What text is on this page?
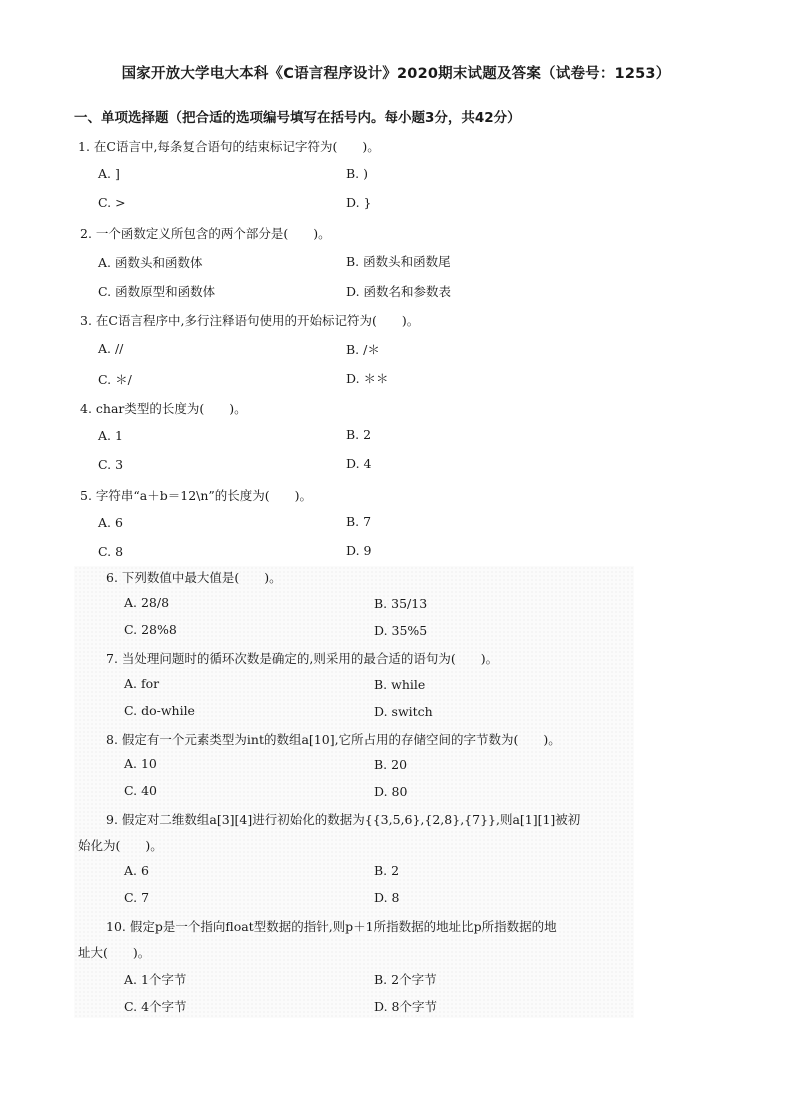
国家开放大学电大本科《C语言程序设计》2020期末试题及答案（试卷号：1253）
一、单项选择题（把合适的选项编号填写在括号内。每小题3分，共42分）
1. 在C语言中,每条复合语句的结束标记字符为(　　)。
A. ]	B. )
C. >	D. }
2. 一个函数定义所包含的两个部分是(　　)。
A. 函数头和函数体	B. 函数头和函数尾
C. 函数原型和函数体	D. 函数名和参数表
3. 在C语言程序中,多行注释语句使用的开始标记符为(　　)。
A. //	B. /＊
C. ＊/	D. ＊＊
4. char类型的长度为(　　)。
A. 1	B. 2
C. 3	D. 4
5. 字符串“a＋b＝12\n”的长度为(　　)。
A. 6	B. 7
C. 8	D. 9
6. 下列数值中最大值是(　　)。
A. 28/8	B. 35/13
C. 28%8	D. 35%5
7. 当处理问题时的循环次数是确定的,则采用的最合适的语句为(　　)。
A. for	B. while
C. do-while	D. switch
8. 假定有一个元素类型为int的数组a[10],它所占用的存储空间的字节数为(　　)。
A. 10	B. 20
C. 40	D. 80
9. 假定对二维数组a[3][4]进行初始化的数据为{{3,5,6},{2,8},{7}},则a[1][1]被初
始化为(　　)。
A. 6	B. 2
C. 7	D. 8
10. 假定p是一个指向float型数据的指针,则p＋1所指数据的地址比p所指数据的地
址大(　　)。
A. 1个字节	B. 2个字节
C. 4个字节	D. 8个字节
